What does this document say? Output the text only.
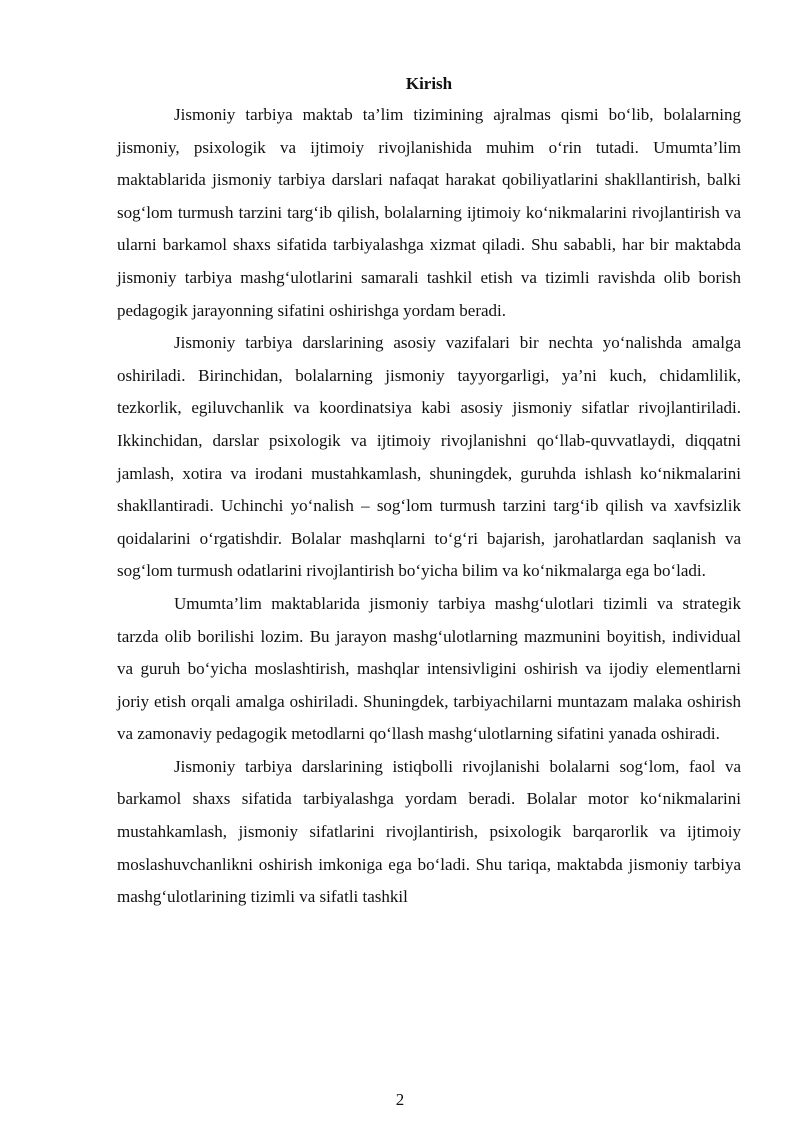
Kirish

Jismoniy tarbiya maktab ta’lim tizimining ajralmas qismi bo‘lib, bolalarning jismoniy, psixologik va ijtimoiy rivojlanishida muhim o‘rin tutadi. Umumta’lim maktablarida jismoniy tarbiya darslari nafaqat harakat qobiliyatlarini shakllantirish, balki sog‘lom turmush tarzini targ‘ib qilish, bolalarning ijtimoiy ko‘nikmalarini rivojlantirish va ularni barkamol shaxs sifatida tarbiyalashga xizmat qiladi. Shu sababli, har bir maktabda jismoniy tarbiya mashg‘ulotlarini samarali tashkil etish va tizimli ravishda olib borish pedagogik jarayonning sifatini oshirishga yordam beradi.

Jismoniy tarbiya darslarining asosiy vazifalari bir nechta yo‘nalishda amalga oshiriladi. Birinchidan, bolalarning jismoniy tayyorgarligi, ya’ni kuch, chidamlilik, tezkorlik, egiluvchanlik va koordinatsiya kabi asosiy jismoniy sifatlar rivojlantiriladi. Ikkinchidan, darslar psixologik va ijtimoiy rivojlanishni qo‘llab-quvvatlaydi, diqqatni jamlash, xotira va irodani mustahkamlash, shuningdek, guruhda ishlash ko‘nikmalarini shakllantiradi. Uchinchi yo‘nalish – sog‘lom turmush tarzini targ‘ib qilish va xavfsizlik qoidalarini o‘rgatishdir. Bolalar mashqlarni to‘g‘ri bajarish, jarohatlardan saqlanish va sog‘lom turmush odatlarini rivojlantirish bo‘yicha bilim va ko‘nikmalarga ega bo‘ladi.

Umumta’lim maktablarida jismoniy tarbiya mashg‘ulotlari tizimli va strategik tarzda olib borilishi lozim. Bu jarayon mashg‘ulotlarning mazmunini boyitish, individual va guruh bo‘yicha moslashtirish, mashqlar intensivligini oshirish va ijodiy elementlarni joriy etish orqali amalga oshiriladi. Shuningdek, tarbiyachilarni muntazam malaka oshirish va zamonaviy pedagogik metodlarni qo‘llash mashg‘ulotlarning sifatini yanada oshiradi.

Jismoniy tarbiya darslarining istiqbolli rivojlanishi bolalarni sog‘lom, faol va barkamol shaxs sifatida tarbiyalashga yordam beradi. Bolalar motor ko‘nikmalarini mustahkamlash, jismoniy sifatlarini rivojlantirish, psixologik barqarorlik va ijtimoiy moslashuvchanlikni oshirish imkoniga ega bo‘ladi. Shu tariqa, maktabda jismoniy tarbiya mashg‘ulotlarining tizimli va sifatli tashkil

2
